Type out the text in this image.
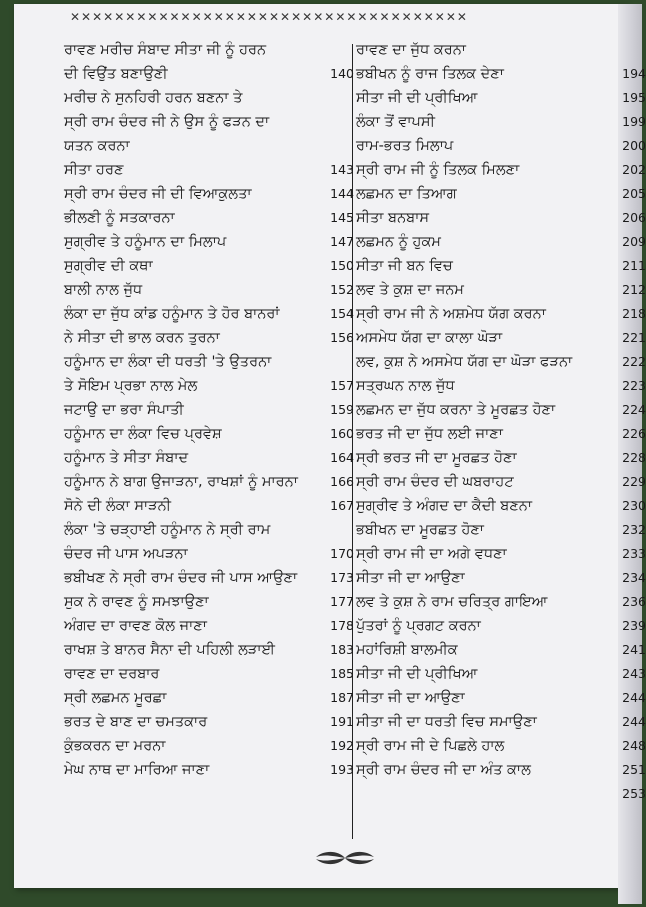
✕✕✕✕✕✕✕✕✕✕✕✕✕✕✕✕✕✕✕✕✕✕✕✕✕✕✕✕✕✕✕✕✕✕✕✕
ਰਾਵਣ ਮਰੀਚ ਸੰਬਾਦ ਸੀਤਾ ਜੀ ਨੂੰ ਹਰਨ
ਦੀ ਵਿਉਂਤ ਬਣਾਉਣੀ	140
ਮਰੀਚ ਨੇ ਸੁਨਹਿਰੀ ਹਰਨ ਬਣਨਾ ਤੇ
ਸ੍ਰੀ ਰਾਮ ਚੰਦਰ ਜੀ ਨੇ ਉਸ ਨੂੰ ਫੜਨ ਦਾ
ਯਤਨ ਕਰਨਾ
ਸੀਤਾ ਹਰਣ	143
ਸ੍ਰੀ ਰਾਮ ਚੰਦਰ ਜੀ ਦੀ ਵਿਆਕੁਲਤਾ	144
ਭੀਲਣੀ ਨੂੰ ਸਤਕਾਰਨਾ	145
ਸੁਗ੍ਰੀਵ ਤੇ ਹਨੂੰਮਾਨ ਦਾ ਮਿਲਾਪ	147
ਸੁਗ੍ਰੀਵ ਦੀ ਕਥਾ	150
ਬਾਲੀ ਨਾਲ ਜੁੱਧ	152
ਲੰਕਾ ਦਾ ਜੁੱਧ ਕਾਂਡ ਹਨੂੰਮਾਨ ਤੇ ਹੋਰ ਬਾਨਰਾਂ	154
ਨੇ ਸੀਤਾ ਦੀ ਭਾਲ ਕਰਨ ਤੁਰਨਾ	156
ਹਨੂੰਮਾਨ ਦਾ ਲੰਕਾ ਦੀ ਧਰਤੀ 'ਤੇ ਉਤਰਨਾ
ਤੇ ਸੋਇਮ ਪ੍ਰਭਾ ਨਾਲ ਮੇਲ	157
ਜਟਾਉ ਦਾ ਭਰਾ ਸੰਪਾਤੀ	159
ਹਨੂੰਮਾਨ ਦਾ ਲੰਕਾ ਵਿਚ ਪ੍ਰਵੇਸ਼	160
ਹਨੂੰਮਾਨ ਤੇ ਸੀਤਾ ਸੰਬਾਦ	164
ਹਨੂੰਮਾਨ ਨੇ ਬਾਗ ਉਜਾੜਨਾ, ਰਾਖਸ਼ਾਂ ਨੂੰ ਮਾਰਨਾ	166
ਸੋਨੇ ਦੀ ਲੰਕਾ ਸਾੜਨੀ	167
ਲੰਕਾ 'ਤੇ ਚੜ੍ਹਾਈ ਹਨੂੰਮਾਨ ਨੇ ਸ੍ਰੀ ਰਾਮ
ਚੰਦਰ ਜੀ ਪਾਸ ਅਪੜਨਾ	170
ਭਬੀਖਣ ਨੇ ਸ੍ਰੀ ਰਾਮ ਚੰਦਰ ਜੀ ਪਾਸ ਆਉਣਾ	173
ਸੁਕ ਨੇ ਰਾਵਣ ਨੂੰ ਸਮਝਾਉਣਾ	177
ਅੰਗਦ ਦਾ ਰਾਵਣ ਕੋਲ ਜਾਣਾ	178
ਰਾਖਸ਼ ਤੇ ਬਾਨਰ ਸੈਨਾ ਦੀ ਪਹਿਲੀ ਲੜਾਈ	183
ਰਾਵਣ ਦਾ ਦਰਬਾਰ	185
ਸ੍ਰੀ ਲਛਮਨ ਮੂਰਛਾ	187
ਭਰਤ ਦੇ ਬਾਣ ਦਾ ਚਮਤਕਾਰ	191
ਕੁੰਭਕਰਨ ਦਾ ਮਰਨਾ	192
ਮੇਘ ਨਾਥ ਦਾ ਮਾਰਿਆ ਜਾਣਾ	193
ਰਾਵਣ ਦਾ ਜੁੱਧ ਕਰਨਾ
ਭਬੀਖਨ ਨੂੰ ਰਾਜ ਤਿਲਕ ਦੇਣਾ	194
ਸੀਤਾ ਜੀ ਦੀ ਪ੍ਰੀਖਿਆ	195
ਲੰਕਾ ਤੋਂ ਵਾਪਸੀ	199
ਰਾਮ-ਭਰਤ ਮਿਲਾਪ	200
ਸ੍ਰੀ ਰਾਮ ਜੀ ਨੂੰ ਤਿਲਕ ਮਿਲਣਾ	202
ਲਛਮਨ ਦਾ ਤਿਆਗ	205
ਸੀਤਾ ਬਨਬਾਸ	206
ਲਛਮਨ ਨੂੰ ਹੁਕਮ	209
ਸੀਤਾ ਜੀ ਬਨ ਵਿਚ	211
ਲਵ ਤੇ ਕੁਸ਼ ਦਾ ਜਨਮ	212
ਸ੍ਰੀ ਰਾਮ ਜੀ ਨੇ ਅਸ਼ਮੇਧ ਯੱਗ ਕਰਨਾ	218
ਅਸਮੇਧ ਯੱਗ ਦਾ ਕਾਲਾ ਘੋੜਾ	221
ਲਵ, ਕੁਸ਼ ਨੇ ਅਸਮੇਧ ਯੱਗ ਦਾ ਘੋੜਾ ਫੜਨਾ	222
ਸਤ੍ਰਘਨ ਨਾਲ ਜੁੱਧ	223
ਲਛਮਨ ਦਾ ਜੁੱਧ ਕਰਨਾ ਤੇ ਮੂਰਛਤ ਹੋਣਾ	224
ਭਰਤ ਜੀ ਦਾ ਜੁੱਧ ਲਈ ਜਾਣਾ	226
ਸ੍ਰੀ ਭਰਤ ਜੀ ਦਾ ਮੂਰਛਤ ਹੋਣਾ	228
ਸ੍ਰੀ ਰਾਮ ਚੰਦਰ ਦੀ ਘਬਰਾਹਟ	229
ਸੁਗ੍ਰੀਵ ਤੇ ਅੰਗਦ ਦਾ ਕੈਦੀ ਬਣਨਾ	230
ਭਬੀਖਨ ਦਾ ਮੂਰਛਤ ਹੋਣਾ	232
ਸ੍ਰੀ ਰਾਮ ਜੀ ਦਾ ਅਗੇ ਵਧਣਾ	233
ਸੀਤਾ ਜੀ ਦਾ ਆਉਣਾ	234
ਲਵ ਤੇ ਕੁਸ਼ ਨੇ ਰਾਮ ਚਰਿਤ੍ਰ ਗਾਇਆ	236
ਪੁੱਤਰਾਂ ਨੂੰ ਪ੍ਰਗਟ ਕਰਨਾ	239
ਮਹਾਂਰਿਸ਼ੀ ਬਾਲਮੀਕ	241
ਸੀਤਾ ਜੀ ਦੀ ਪ੍ਰੀਖਿਆ	243
ਸੀਤਾ ਜੀ ਦਾ ਆਉਣਾ	244
ਸੀਤਾ ਜੀ ਦਾ ਧਰਤੀ ਵਿਚ ਸਮਾਉਣਾ	244
ਸ੍ਰੀ ਰਾਮ ਜੀ ਦੇ ਪਿਛਲੇ ਹਾਲ	248
ਸ੍ਰੀ ਰਾਮ ਚੰਦਰ ਜੀ ਦਾ ਅੰਤ ਕਾਲ	251
253
